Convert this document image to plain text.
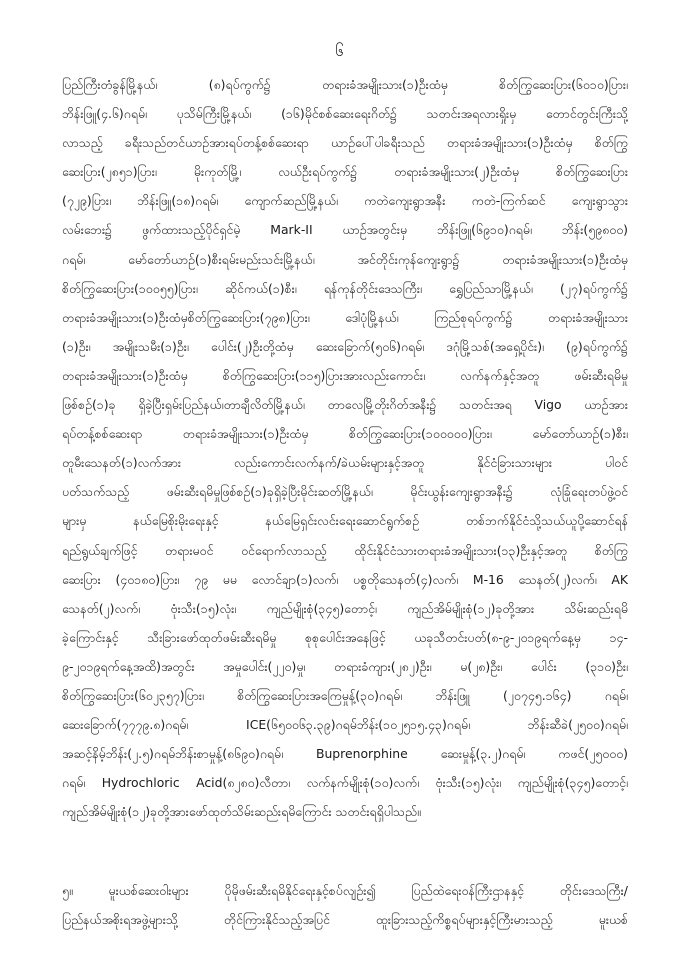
၆
ပြည်ကြီးတံခွန်မြို့နယ်၊ (၈)ရပ်ကွက်၌ တရားခံအမျိုးသား(၁)ဦးထံမှ စိတ်ကြွဆေးပြား(၆၀၁၀)ပြား၊
ဘိန်းဖြူ(၄.၆)ဂရမ်၊ ပုသိမ်ကြီးမြို့နယ်၊ (၁၆)မိုင်စစ်ဆေးရေးဂိတ်၌ သတင်းအရလားရှိုးမှ တောင်တွင်းကြီးသို့
လာသည့် ခရီးသည်တင်ယာဉ်အားရပ်တန့်စစ်ဆေးရာ ယာဉ်ပေါ်ပါခရီးသည် တရားခံအမျိုးသား(၁)ဦးထံမှ စိတ်ကြွ
ဆေးပြား(၂၈၅၁)ပြား၊ မိုးကုတ်မြို့၊ လယ်ဦးရပ်ကွက်၌ တရားခံအမျိုးသား(၂)ဦးထံမှ စိတ်ကြွဆေးပြား
(၇၂၉)ပြား၊ ဘိန်းဖြူ(၁၈)ဂရမ်၊ ကျောက်ဆည်မြို့နယ်၊ ကတဲကျေးရွာအနီး ကတဲ-ကြက်ဆင် ကျေးရွာသွား
လမ်းဘေး၌ ဖွက်ထားသည့်ပိုင်ရှင်မဲ့ Mark-II ယာဉ်အတွင်းမှ ဘိန်းဖြူ(၆၉၁၀)ဂရမ်၊ ဘိန်း(၅၉၈၀၀)
ဂရမ်၊ မော်တော်ယာဉ်(၁)စီးရမ်းမည်းသင်းမြို့နယ်၊ အင်တိုင်းကုန်ကျေးရွာ၌ တရားခံအမျိုးသား(၁)ဦးထံမှ
စိတ်ကြွဆေးပြား(၁၀၀၅၅)ပြား၊ ဆိုင်ကယ်(၁)စီး၊ ရန်ကုန်တိုင်းဒေသကြီး၊ ရွှေပြည်သာမြို့နယ်၊ (၂၇)ရပ်ကွက်၌
တရားခံအမျိုးသား(၁)ဦးထံမှစိတ်ကြွဆေးပြား(၇၉၈)ပြား၊ ဒေါပုံမြို့နယ်၊ ကြည်စုရပ်ကွက်၌ တရားခံအမျိုးသား
(၁)ဦး၊ အမျိုးသမီး(၁)ဦး၊ ပေါင်း(၂)ဦးတို့ထံမှ ဆေးခြောက်(၅၀၆)ဂရမ်၊ ဒဂုံမြို့သစ်(အရှေ့ပိုင်း)၊ (၉)ရပ်ကွက်၌
တရားခံအမျိုးသား(၁)ဦးထံမှ စိတ်ကြွဆေးပြား(၁၁၅)ပြားအားလည်းကောင်း၊ လက်နက်နှင့်အတူ ဖမ်းဆီးရမိမှု
ဖြစ်စဉ်(၁)ခု ရှိခဲ့ပြီးရှမ်းပြည်နယ်၊တာချီလိတ်မြို့နယ်၊ တာလေမြို့တိုးဂိတ်အနီး၌ သတင်းအရ Vigo ယာဉ်အား
ရပ်တန့်စစ်ဆေးရာ တရားခံအမျိုးသား(၁)ဦးထံမှ စိတ်ကြွဆေးပြား(၁၀၀၀၀၀)ပြား၊ မော်တော်ယာဉ်(၁)စီး၊
တူမီးသေနတ်(၁)လက်အား လည်းကောင်းလက်နက်/ခဲယမ်းများနှင့်အတူ နိုင်ငံခြားသားများ ပါဝင်
ပတ်သက်သည့် ဖမ်းဆီးရမိမှုဖြစ်စဉ်(၁)ခုရှိခဲ့ပြီးမိုင်းဆတ်မြို့နယ်၊ မိုင်းယွန်းကျေးရွာအနီး၌ လုံခြုံရေးတပ်ဖွဲ့ဝင်
များမှ နယ်မြေစိုးမိုးရေးနှင့် နယ်မြေရှင်းလင်းရေးဆောင်ရွက်စဉ် တစ်ဘက်နိုင်ငံသို့သယ်ယူပို့ဆောင်ရန်
ရည်ရွယ်ချက်ဖြင့် တရားမဝင် ဝင်ရောက်လာသည့် ထိုင်းနိုင်ငံသားတရားခံအမျိုးသား(၁၃)ဦးနှင့်အတူ စိတ်ကြွ
ဆေးပြား (၄၀၁၈၀)ပြား၊ ၇၉ မမ လောင်ချာ(၁)လက်၊ ပစ္စတိုသေနတ်(၄)လက်၊ M-16 သေနတ်(၂)လက်၊ AK
သေနတ်(၂)လက်၊ ဗုံးသီး(၁၅)လုံး၊ ကျည်မျိုးစုံ(၃၄၅)တောင့်၊ ကျည်အိမ်မျိုးစုံ(၁၂)ခုတို့အား သိမ်းဆည်းရမိ
ခဲ့ကြောင်းနှင့် သီးခြားဖော်ထုတ်ဖမ်းဆီးရမိမှု စုစုပေါင်းအနေဖြင့် ယခုသီတင်းပတ်(၈-၉-၂၀၁၉ရက်နေ့မှ ၁၄-
၉-၂၀၁၉ရက်နေ့အထိ)အတွင်း အမှုပေါင်း(၂၂၀)မှု၊ တရားခံကျား(၂၈၂)ဦး၊ မ(၂၈)ဦး၊ ပေါင်း (၃၁၀)ဦး၊
စိတ်ကြွဆေးပြား(၆၀၂၃၅၇)ပြား၊ စိတ်ကြွဆေးပြားအကြေမှုန့်(၃၀)ဂရမ်၊ ဘိန်းဖြူ (၂၀၇၄၅.၁၆၄) ဂရမ်၊
ဆေးခြောက်(၇၇၇၉.၈)ဂရမ်၊ ICE(၆၅၀၀၆၃.၃၉)ဂရမ်ဘိန်း(၁၀၂၅၁၅.၄၃)ဂရမ်၊ ဘိန်းဆီခဲ(၂၅၀၀)ဂရမ်၊
အဆင့်နိမ့်ဘိန်း(၂.၅)ဂရမ်ဘိန်းစာမှုန့်(၈၆၉၀)ဂရမ်၊ Buprenorphine ဆေးမှုန့်(၃.၂)ဂရမ်၊ ကဖင်(၂၅၀၀၀)
ဂရမ်၊ Hydrochloric Acid(၈၂၈၀)လီတာ၊ လက်နက်မျိုးစုံ(၁၀)လက်၊ ဗုံးသီး(၁၅)လုံး၊ ကျည်မျိုးစုံ(၃၄၅)တောင့်၊
ကျည်အိမ်မျိုးစုံ(၁၂)ခုတို့အားဖော်ထုတ်သိမ်းဆည်းရမိကြောင်း သတင်းရရှိပါသည်။
၅။ မူးယစ်ဆေးဝါးများ ပိုမိုဖမ်းဆီးရမိနိုင်ရေးနှင့်စပ်လျဉ်း၍ ပြည်ထဲရေးဝန်ကြီးဌာနနှင့် တိုင်းဒေသကြီး/
ပြည်နယ်အစိုးရအဖွဲ့များသို့ တိုင်ကြားနိုင်သည့်အပြင် ထူးခြားသည့်ကိစ္စရပ်များနှင့်ကြီးမားသည့် မူးယစ်
